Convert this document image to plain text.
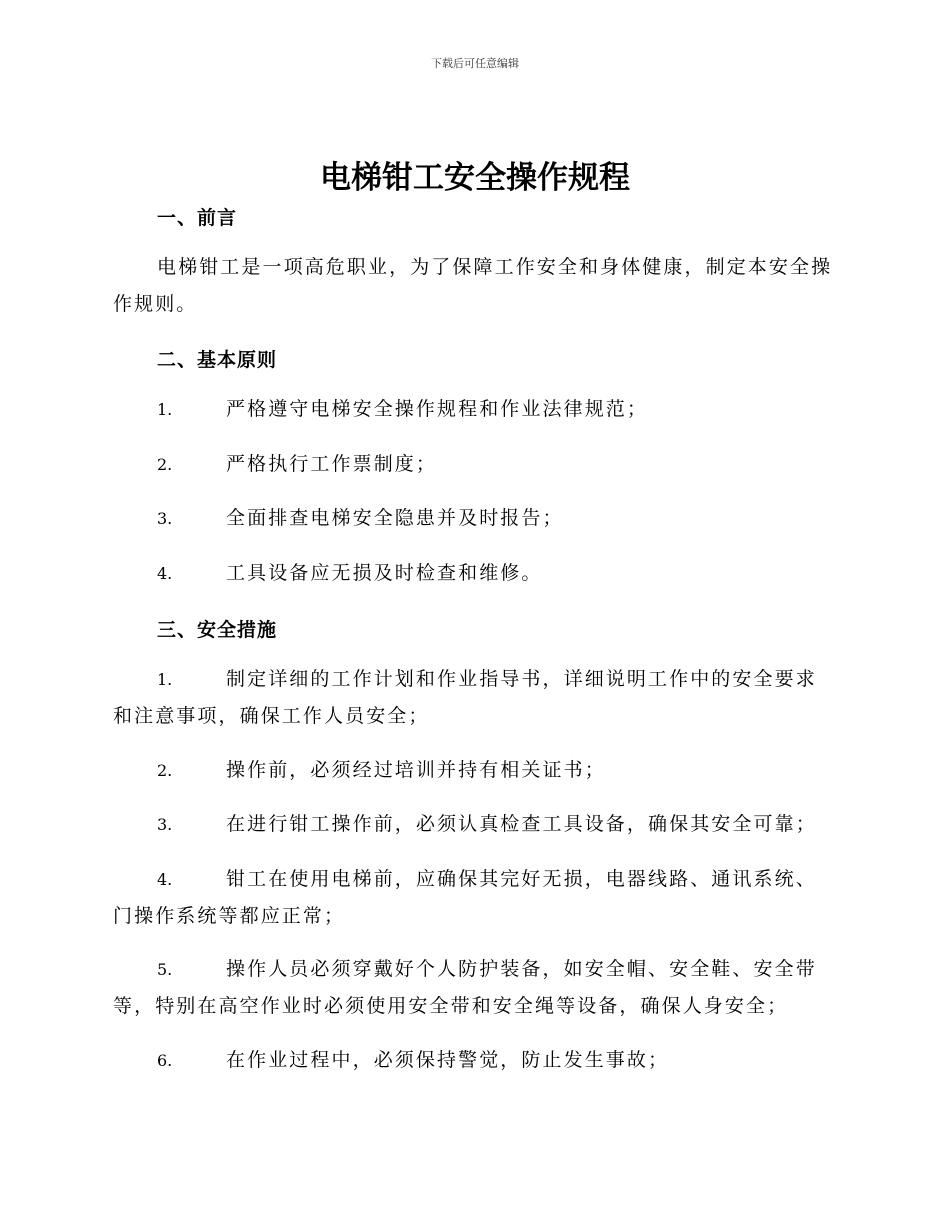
下载后可任意编辑
电梯钳工安全操作规程
一、前言
电梯钳工是一项高危职业，为了保障工作安全和身体健康，制定本安全操作规则。
二、基本原则
1.	严格遵守电梯安全操作规程和作业法律规范；
2.	严格执行工作票制度；
3.	全面排查电梯安全隐患并及时报告；
4.	工具设备应无损及时检查和维修。
三、安全措施
1.	制定详细的工作计划和作业指导书，详细说明工作中的安全要求和注意事项，确保工作人员安全；
2.	操作前，必须经过培训并持有相关证书；
3.	在进行钳工操作前，必须认真检查工具设备，确保其安全可靠；
4.	钳工在使用电梯前，应确保其完好无损，电器线路、通讯系统、门操作系统等都应正常；
5.	操作人员必须穿戴好个人防护装备，如安全帽、安全鞋、安全带等，特别在高空作业时必须使用安全带和安全绳等设备，确保人身安全；
6.	在作业过程中，必须保持警觉，防止发生事故；
